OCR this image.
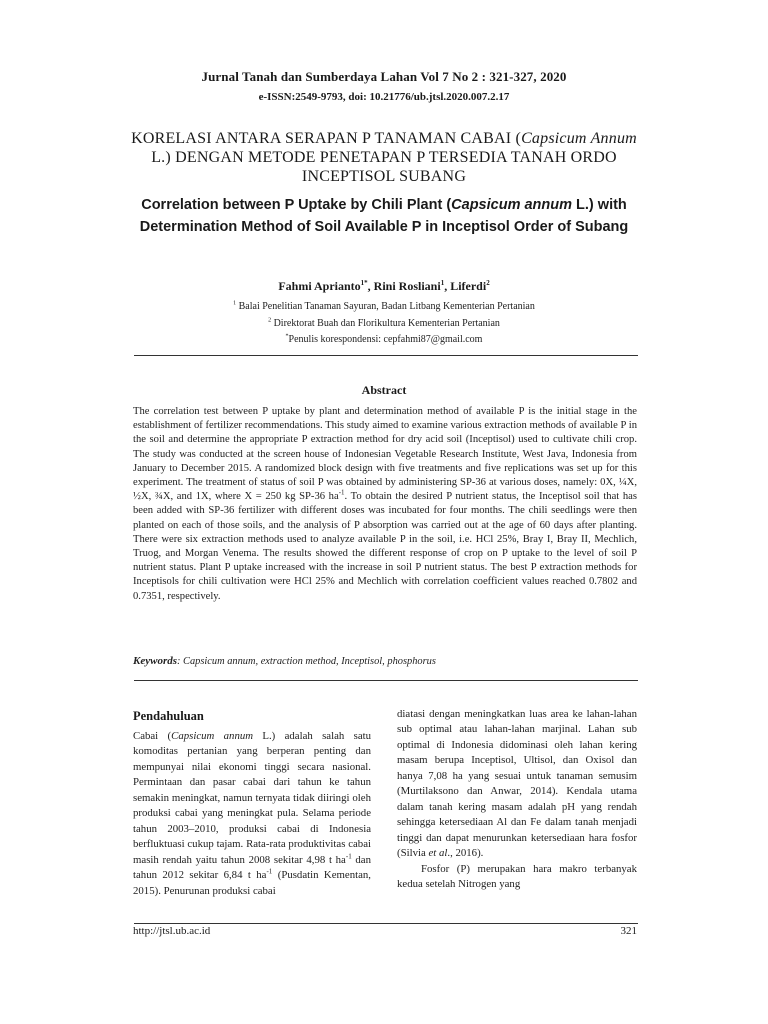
Jurnal Tanah dan Sumberdaya Lahan Vol 7 No 2 : 321-327, 2020
e-ISSN:2549-9793, doi: 10.21776/ub.jtsl.2020.007.2.17
KORELASI ANTARA SERAPAN P TANAMAN CABAI (Capsicum Annum L.) DENGAN METODE PENETAPAN P TERSEDIA TANAH ORDO INCEPTISOL SUBANG
Correlation between P Uptake by Chili Plant (Capsicum annum L.) with Determination Method of Soil Available P in Inceptisol Order of Subang
Fahmi Aprianto$^{1*}$, Rini Rosliani$^1$, Liferdi$^2$
$^1$ Balai Penelitian Tanaman Sayuran, Badan Litbang Kementerian Pertanian
$^2$ Direktorat Buah dan Florikultura Kementerian Pertanian
*Penulis korespondensi: cepfahmi87@gmail.com
Abstract
The correlation test between P uptake by plant and determination method of available P is the initial stage in the establishment of fertilizer recommendations. This study aimed to examine various extraction methods of available P in the soil and determine the appropriate P extraction method for dry acid soil (Inceptisol) used to cultivate chili crop. The study was conducted at the screen house of Indonesian Vegetable Research Institute, West Java, Indonesia from January to December 2015. A randomized block design with five treatments and five replications was set up for this experiment. The treatment of status of soil P was obtained by administering SP-36 at various doses, namely: 0X, ¼X, ½X, ¾X, and 1X, where X = 250 kg SP-36 $ha^{-1}$. To obtain the desired P nutrient status, the Inceptisol soil that has been added with SP-36 fertilizer with different doses was incubated for four months. The chili seedlings were then planted on each of those soils, and the analysis of P absorption was carried out at the age of 60 days after planting. There were six extraction methods used to analyze available P in the soil, i.e. HCl 25%, Bray I, Bray II, Mechlich, Truog, and Morgan Venema. The results showed the different response of crop on P uptake to the level of soil P nutrient status. Plant P uptake increased with the increase in soil P nutrient status. The best P extraction methods for Inceptisols for chili cultivation were HCl 25% and Mechlich with correlation coefficient values reached 0.7802 and 0.7351, respectively.
Keywords: Capsicum annum, extraction method, Inceptisol, phosphorus
Pendahuluan
Cabai (Capsicum annum L.) adalah salah satu komoditas pertanian yang berperan penting dan mempunyai nilai ekonomi tinggi secara nasional. Permintaan dan pasar cabai dari tahun ke tahun semakin meningkat, namun ternyata tidak diiringi oleh produksi cabai yang meningkat pula. Selama periode tahun 2003–2010, produksi cabai di Indonesia berfluktuasi cukup tajam. Rata-rata produktivitas cabai masih rendah yaitu tahun 2008 sekitar 4,98 t $ha^{-1}$ dan tahun 2012 sekitar 6,84 t $ha^{-1}$ (Pusdatin Kementan, 2015). Penurunan produksi cabai
diatasi dengan meningkatkan luas area ke lahan-lahan sub optimal atau lahan-lahan marjinal. Lahan sub optimal di Indonesia didominasi oleh lahan kering masam berupa Inceptisol, Ultisol, dan Oxisol dan hanya 7,08 ha yang sesuai untuk tanaman semusim (Murtilaksono dan Anwar, 2014). Kendala utama dalam tanah kering masam adalah pH yang rendah sehingga ketersediaan Al dan Fe dalam tanah menjadi tinggi dan dapat menurunkan ketersediaan hara fosfor (Silvia et al., 2016).
Fosfor (P) merupakan hara makro terbanyak kedua setelah Nitrogen yang
http://jtsl.ub.ac.id	321
